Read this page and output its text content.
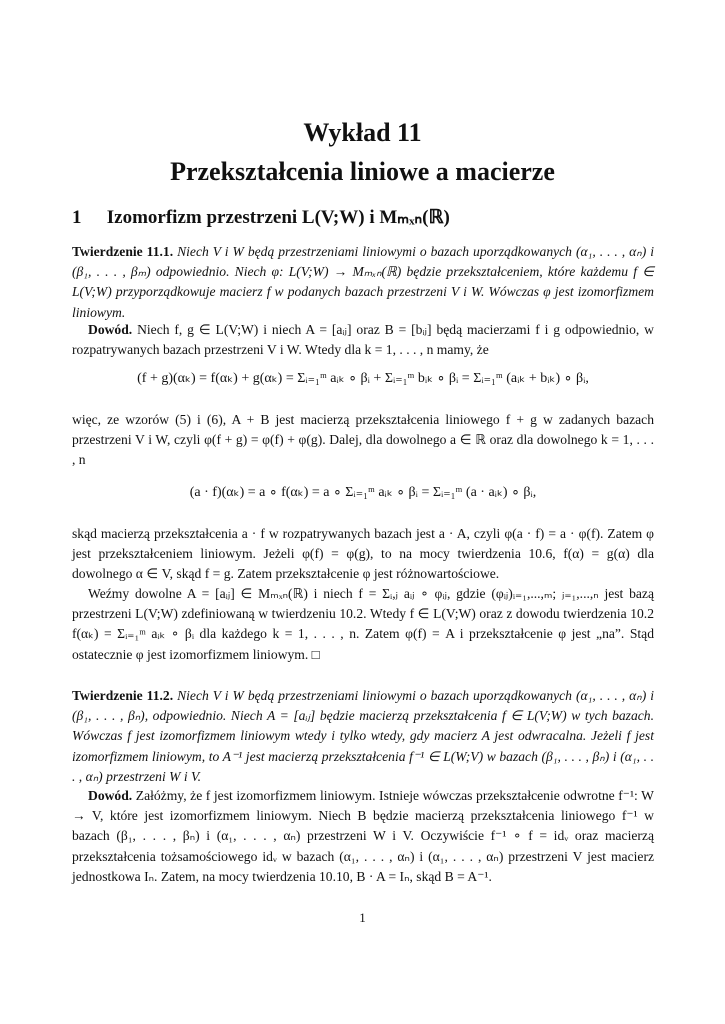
Wykład 11
Przekształcenia liniowe a macierze
1 Izomorfizm przestrzeni L(V;W) i Mₘₓₙ(ℝ)
Twierdzenie 11.1. Niech V i W będą przestrzeniami liniowymi o bazach uporządkowanych (α₁, . . . , αₙ) i (β₁, . . . , βₘ) odpowiednio. Niech φ: L(V;W) → Mₘₓₙ(ℝ) będzie przekształceniem, które każdemu f ∈ L(V;W) przyporządkowuje macierz f w podanych bazach przestrzeni V i W. Wówczas φ jest izomorfizmem liniowym.
Dowód. Niech f, g ∈ L(V;W) i niech A = [aᵢⱼ] oraz B = [bᵢⱼ] będą macierzami f i g odpowiednio, w rozpatrywanych bazach przestrzeni V i W. Wtedy dla k = 1, . . . , n mamy, że
(f + g)(αₖ) = f(αₖ) + g(αₖ) = Σᵢ₌₁ᵐ aᵢₖ ∘ βᵢ + Σᵢ₌₁ᵐ bᵢₖ ∘ βᵢ = Σᵢ₌₁ᵐ (aᵢₖ + bᵢₖ) ∘ βᵢ,
więc, ze wzorów (5) i (6), A + B jest macierzą przekształcenia liniowego f + g w zadanych bazach przestrzeni V i W, czyli φ(f + g) = φ(f) + φ(g). Dalej, dla dowolnego a ∈ ℝ oraz dla dowolnego k = 1, . . . , n
(a · f)(αₖ) = a ∘ f(αₖ) = a ∘ Σᵢ₌₁ᵐ aᵢₖ ∘ βᵢ = Σᵢ₌₁ᵐ (a · aᵢₖ) ∘ βᵢ,
skąd macierzą przekształcenia a · f w rozpatrywanych bazach jest a · A, czyli φ(a · f) = a · φ(f). Zatem φ jest przekształceniem liniowym. Jeżeli φ(f) = φ(g), to na mocy twierdzenia 10.6, f(α) = g(α) dla dowolnego α ∈ V, skąd f = g. Zatem przekształcenie φ jest różnowartościowe.
Weźmy dowolne A = [aᵢⱼ] ∈ Mₘₓₙ(ℝ) i niech f = Σᵢ,ⱼ aᵢⱼ ∘ φᵢⱼ, gdzie (φᵢⱼ)ᵢ₌₁,...,ₘ; ⱼ₌₁,...,ₙ jest bazą przestrzeni L(V;W) zdefiniowaną w twierdzeniu 10.2. Wtedy f ∈ L(V;W) oraz z dowodu twierdzenia 10.2 f(αₖ) = Σᵢ₌₁ᵐ aᵢₖ ∘ βᵢ dla każdego k = 1, . . . , n. Zatem φ(f) = A i przekształcenie φ jest „na”. Stąd ostatecznie φ jest izomorfizmem liniowym. □
Twierdzenie 11.2. Niech V i W będą przestrzeniami liniowymi o bazach uporządkowanych (α₁, . . . , αₙ) i (β₁, . . . , βₙ), odpowiednio. Niech A = [aᵢⱼ] będzie macierzą przekształcenia f ∈ L(V;W) w tych bazach. Wówczas f jest izomorfizmem liniowym wtedy i tylko wtedy, gdy macierz A jest odwracalna. Jeżeli f jest izomorfizmem liniowym, to A⁻¹ jest macierzą przekształcenia f⁻¹ ∈ L(W;V) w bazach (β₁, . . . , βₙ) i (α₁, . . . , αₙ) przestrzeni W i V.
Dowód. Załóżmy, że f jest izomorfizmem liniowym. Istnieje wówczas przekształcenie odwrotne f⁻¹: W → V, które jest izomorfizmem liniowym. Niech B będzie macierzą przekształcenia liniowego f⁻¹ w bazach (β₁, . . . , βₙ) i (α₁, . . . , αₙ) przestrzeni W i V. Oczywiście f⁻¹ ∘ f = idᵥ oraz macierzą przekształcenia tożsamościowego idᵥ w bazach (α₁, . . . , αₙ) i (α₁, . . . , αₙ) przestrzeni V jest macierz jednostkowa Iₙ. Zatem, na mocy twierdzenia 10.10, B · A = Iₙ, skąd B = A⁻¹.
1
